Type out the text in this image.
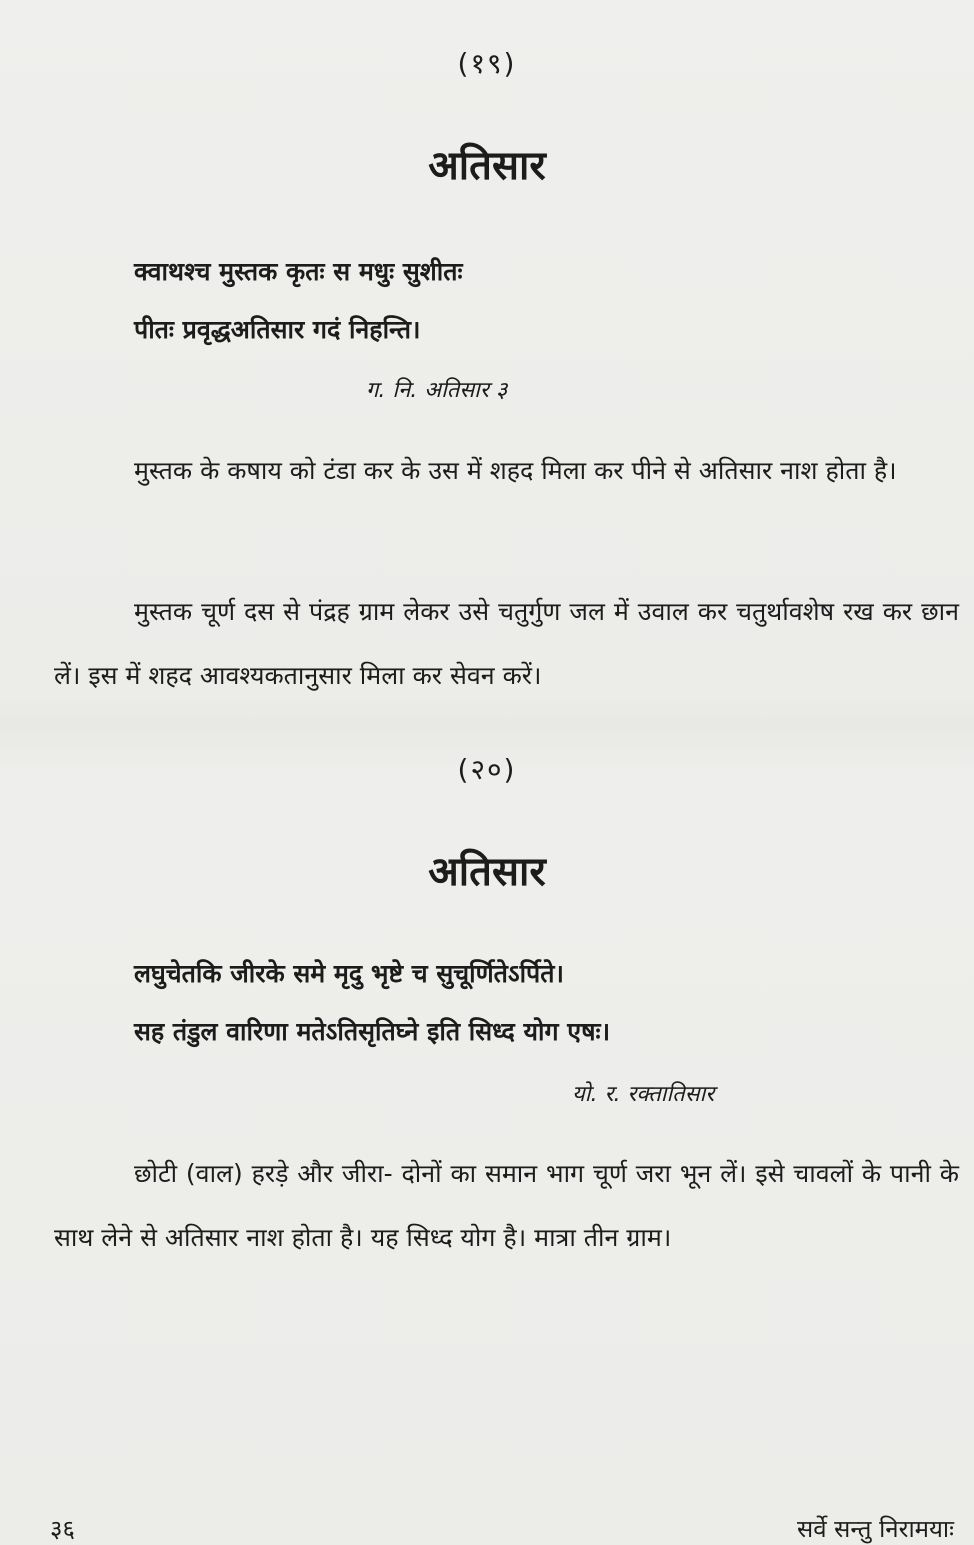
(१९)
अतिसार
क्वाथश्च मुस्तक कृतः स मधुः सुशीतः
पीतः प्रवृद्धअतिसार गदं निहन्ति।
ग. नि. अतिसार ३
मुस्तक के कषाय को टंडा कर के उस में शहद मिला कर पीने से अतिसार नाश होता है।
मुस्तक चूर्ण दस से पंद्रह ग्राम लेकर उसे चतुर्गुण जल में उवाल कर चतुर्थावशेष रख कर छान लें। इस में शहद आवश्यकतानुसार मिला कर सेवन करें।
(२०)
अतिसार
लघुचेतकि जीरके समे मृदु भृष्टे च सुचूर्णितेऽर्पिते।
सह तंडुल वारिणा मतेऽतिसृतिघ्ने इति सिध्द योग एषः।
यो. र. रक्तातिसार
छोटी (वाल) हरड़े और जीरा- दोनों का समान भाग चूर्ण जरा भून लें। इसे चावलों के पानी के साथ लेने से अतिसार नाश होता है। यह सिध्द योग है। मात्रा तीन ग्राम।
३६	सर्वे सन्तु निरामयाः
